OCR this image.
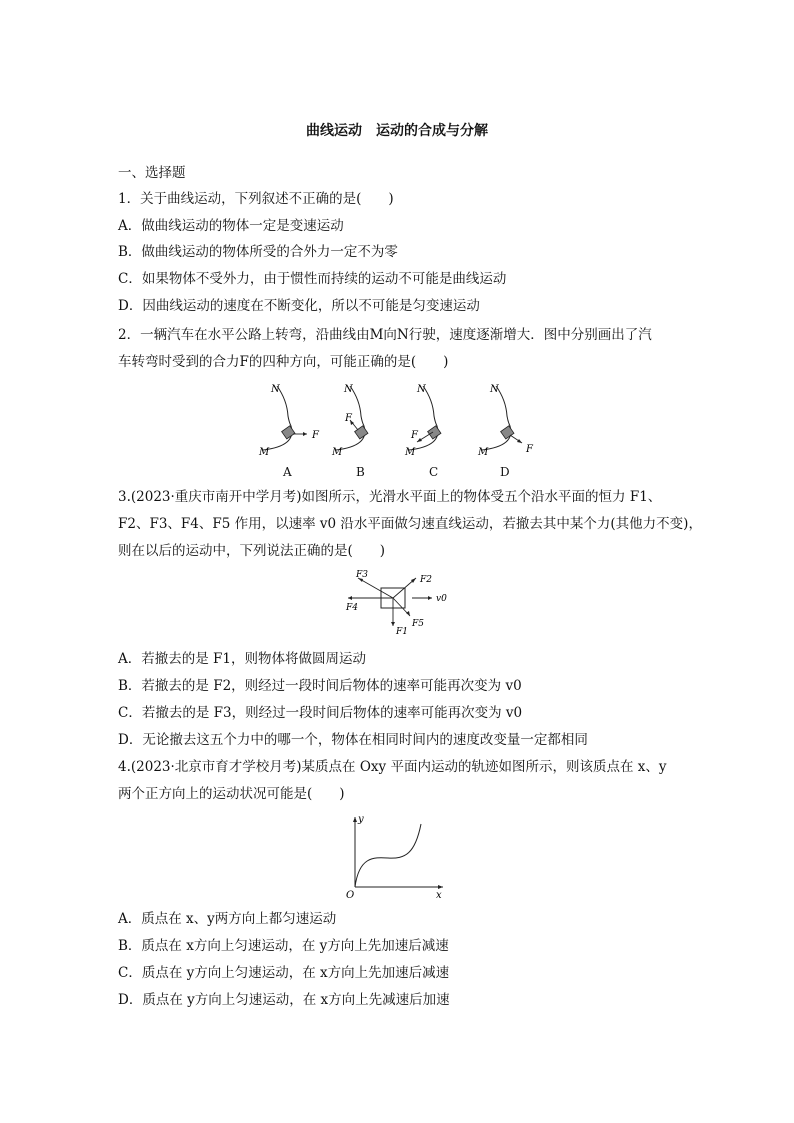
曲线运动　运动的合成与分解
一、选择题
1．关于曲线运动，下列叙述不正确的是(　　)
A．做曲线运动的物体一定是变速运动
B．做曲线运动的物体所受的合外力一定不为零
C．如果物体不受外力，由于惯性而持续的运动不可能是曲线运动
D．因曲线运动的速度在不断变化，所以不可能是匀变速运动
2．一辆汽车在水平公路上转弯，沿曲线由M向N行驶，速度逐渐增大．图中分别画出了汽
车转弯时受到的合力F的四种方向，可能正确的是(　　)
M
N
F
M
N
F
M
N
F
M
N
F
A	B	C	D
3.(2023·重庆市南开中学月考)如图所示，光滑水平面上的物体受五个沿水平面的恒力 F1、
F2、F3、F4、F5 作用，以速率 v0 沿水平面做匀速直线运动，若撤去其中某个力(其他力不变)，
则在以后的运动中，下列说法正确的是(　　)
F3	F2
F4
v0
F5
F1
A．若撤去的是 F1，则物体将做圆周运动
B．若撤去的是 F2，则经过一段时间后物体的速率可能再次变为 v0
C．若撤去的是 F3，则经过一段时间后物体的速率可能再次变为 v0
D．无论撤去这五个力中的哪一个，物体在相同时间内的速度改变量一定都相同
4.(2023·北京市育才学校月考)某质点在 Oxy 平面内运动的轨迹如图所示，则该质点在 x、y
两个正方向上的运动状况可能是(　　)
y
x
O
A．质点在 x、y两方向上都匀速运动
B．质点在 x方向上匀速运动，在 y方向上先加速后减速
C．质点在 y方向上匀速运动，在 x方向上先加速后减速
D．质点在 y方向上匀速运动，在 x方向上先减速后加速
